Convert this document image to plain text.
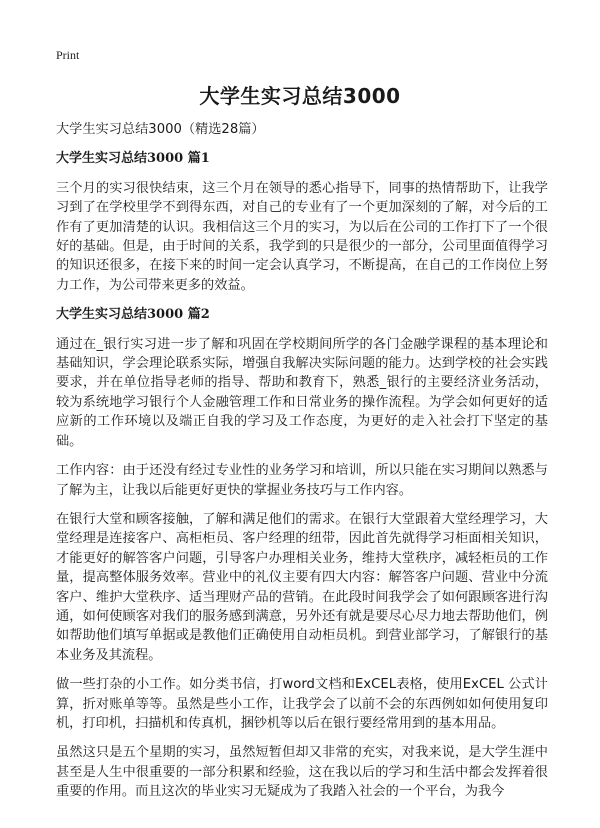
Print
大学生实习总结3000

大学生实习总结3000（精选28篇）

大学生实习总结3000 篇1

三个月的实习很快结束，这三个月在领导的悉心指导下，同事的热情帮助下，让我学习到了在学校里学不到得东西，对自己的专业有了一个更加深刻的了解，对今后的工作有了更加清楚的认识。我相信这三个月的实习，为以后在公司的工作打下了一个很好的基础。但是，由于时间的关系，我学到的只是很少的一部分，公司里面值得学习的知识还很多，在接下来的时间一定会认真学习，不断提高，在自己的工作岗位上努力工作，为公司带来更多的效益。

大学生实习总结3000 篇2

通过在_银行实习进一步了解和巩固在学校期间所学的各门金融学课程的基本理论和基础知识，学会理论联系实际，增强自我解决实际问题的能力。达到学校的社会实践要求，并在单位指导老师的指导、帮助和教育下，熟悉_银行的主要经济业务活动，较为系统地学习银行个人金融管理工作和日常业务的操作流程。为学会如何更好的适应新的工作环境以及端正自我的学习及工作态度，为更好的走入社会打下坚定的基础。

工作内容：由于还没有经过专业性的业务学习和培训，所以只能在实习期间以熟悉与了解为主，让我以后能更好更快的掌握业务技巧与工作内容。

在银行大堂和顾客接触，了解和满足他们的需求。在银行大堂跟着大堂经理学习，大堂经理是连接客户、高柜柜员、客户经理的纽带，因此首先就得学习柜面相关知识，才能更好的解答客户问题，引导客户办理相关业务，维持大堂秩序，减轻柜员的工作量，提高整体服务效率。营业中的礼仪主要有四大内容：解答客户问题、营业中分流客户、维护大堂秩序、适当理财产品的营销。在此段时间我学会了如何跟顾客进行沟通，如何使顾客对我们的服务感到满意，另外还有就是要尽心尽力地去帮助他们，例如帮助他们填写单据或是教他们正确使用自动柜员机。到营业部学习，了解银行的基本业务及其流程。

做一些打杂的小工作。如分类书信，打word文档和ExCEL表格，使用ExCEL 公式计算，折对账单等等。虽然是些小工作，让我学会了以前不会的东西例如如何使用复印机，打印机，扫描机和传真机，捆钞机等以后在银行要经常用到的基本用品。

虽然这只是五个星期的实习，虽然短暂但却又非常的充实，对我来说，是大学生涯中甚至是人生中很重要的一部分积累和经验，这在我以后的学习和生活中都会发挥着很重要的作用。而且这次的毕业实习无疑成为了我踏入社会的一个平台，为我今
